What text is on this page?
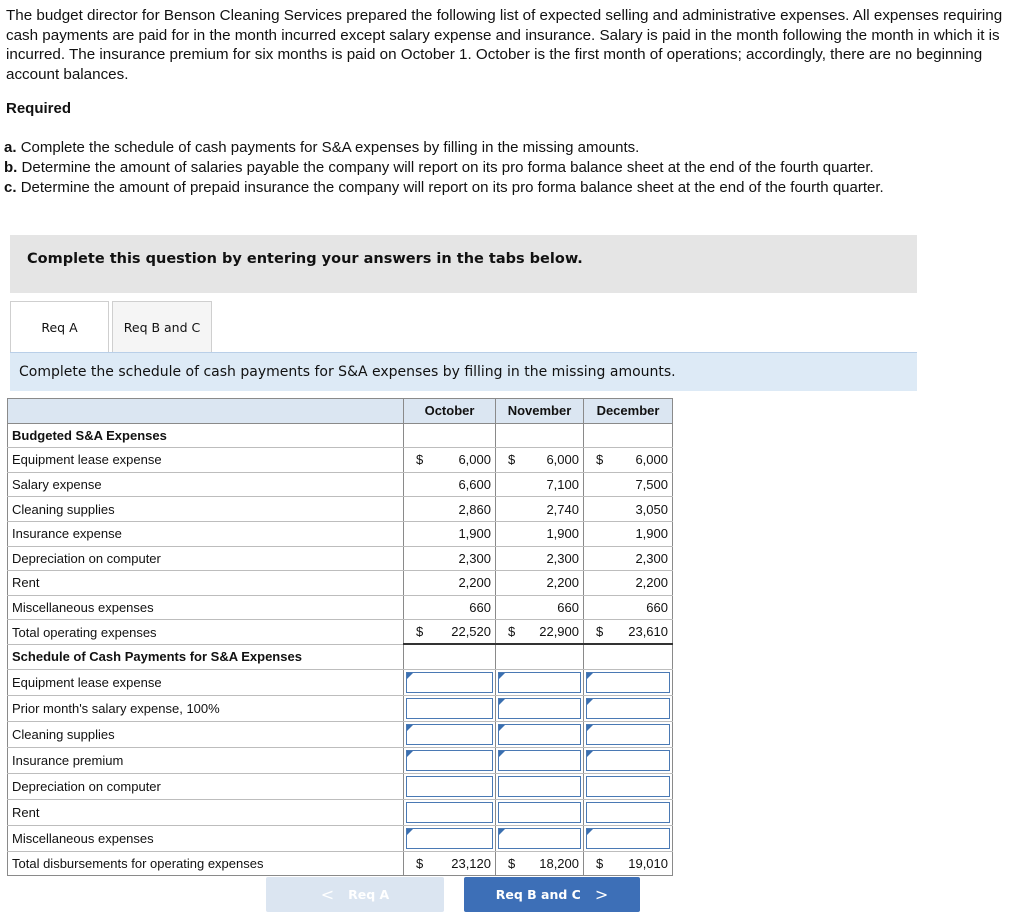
The budget director for Benson Cleaning Services prepared the following list of expected selling and administrative expenses. All expenses requiring cash payments are paid for in the month incurred except salary expense and insurance. Salary is paid in the month following the month in which it is incurred. The insurance premium for six months is paid on October 1. October is the first month of operations; accordingly, there are no beginning account balances.

Required
a. Complete the schedule of cash payments for S&A expenses by filling in the missing amounts.
b. Determine the amount of salaries payable the company will report on its pro forma balance sheet at the end of the fourth quarter.
c. Determine the amount of prepaid insurance the company will report on its pro forma balance sheet at the end of the fourth quarter.
Complete this question by entering your answers in the tabs below.
Req A	Req B and C
Complete the schedule of cash payments for S&A expenses by filling in the missing amounts.
	October		November		December	
Budgeted S&A Expenses						
Equipment lease expense	$	6,000	$	6,000	$	6,000
Salary expense		6,600		7,100		7,500
Cleaning supplies		2,860		2,740		3,050
Insurance expense		1,900		1,900		1,900
Depreciation on computer		2,300		2,300		2,300
Rent		2,200		2,200		2,200
Miscellaneous expenses		660		660		660
Total operating expenses	$	22,520	$	22,900	$	23,610
Schedule of Cash Payments for S&A Expenses						
Equipment lease expense				

Prior month's salary expense, 100%				

Cleaning supplies				

Insurance premium				

Depreciation on computer				

Rent				

Miscellaneous expenses				

Total disbursements for operating expenses	$	23,120	$	18,200	$	19,010
< Req A	Req B and C >
